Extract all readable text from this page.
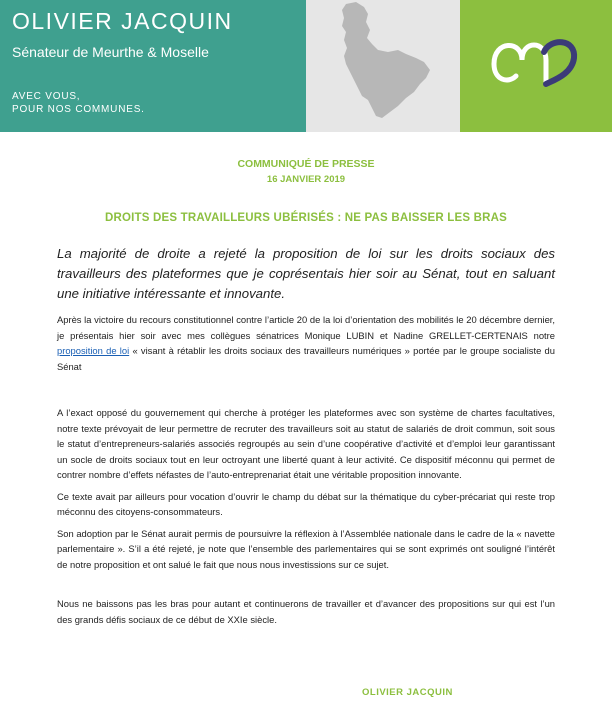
OLIVIER JACQUIN
Sénateur de Meurthe & Moselle
AVEC VOUS,
POUR NOS COMMUNES.
COMMUNIQUÉ DE PRESSE
16 JANVIER 2019
DROITS DES TRAVAILLEURS UBÉRISÉS : NE PAS BAISSER LES BRAS

La majorité de droite a rejeté la proposition de loi sur les droits sociaux des travailleurs des plateformes que je coprésentais hier soir au Sénat, tout en saluant une initiative intéressante et innovante.

Après la victoire du recours constitutionnel contre l’article 20 de la loi d’orientation des mobilités le 20 décembre dernier, je présentais hier soir avec mes collègues sénatrices Monique LUBIN et Nadine GRELLET-CERTENAIS notre proposition de loi « visant à rétablir les droits sociaux des travailleurs numériques » portée par le groupe socialiste du Sénat

A l’exact opposé du gouvernement qui cherche à protéger les plateformes avec son système de chartes facultatives, notre texte prévoyait de leur permettre de recruter des travailleurs soit au statut de salariés de droit commun, soit sous le statut d’entrepreneurs-salariés associés regroupés au sein d’une coopérative d’activité et d’emploi leur garantissant un socle de droits sociaux tout en leur octroyant une liberté quant à leur activité. Ce dispositif méconnu qui permet de contrer nombre d’effets néfastes de l’auto-entreprenariat était une véritable proposition innovante.

Ce texte avait par ailleurs pour vocation d’ouvrir le champ du débat sur la thématique du cyber-précariat qui reste trop méconnu des citoyens-consommateurs.

Son adoption par le Sénat aurait permis de poursuivre la réflexion à l’Assemblée nationale dans le cadre de la « navette parlementaire ». S’il a été rejeté, je note que l’ensemble des parlementaires qui se sont exprimés ont souligné l’intérêt de notre proposition et ont salué le fait que nous nous investissions sur ce sujet.

Nous ne baissons pas les bras pour autant et continuerons de travailler et d’avancer des propositions sur qui est l’un des grands défis sociaux de ce début de XXIe siècle.

OLIVIER JACQUIN
